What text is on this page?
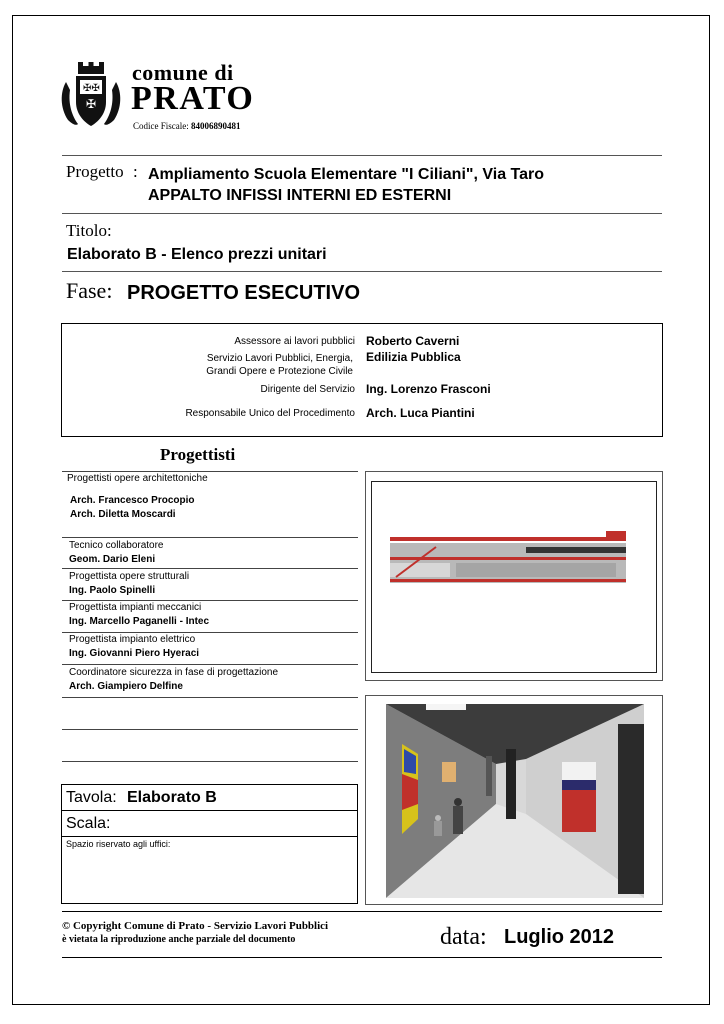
✠✠
✠
comune di
PRATO
Codice Fiscale: 84006890481
Progetto : Ampliamento Scuola Elementare "I Ciliani", Via Taro
APPALTO INFISSI INTERNI ED ESTERNI
Titolo:
Elaborato B - Elenco prezzi unitari
Fase: PROGETTO ESECUTIVO
Assessore ai lavori pubblici Roberto Caverni
Servizio Lavori Pubblici, Energia,
Grandi Opere e Protezione Civile
Edilizia Pubblica
Dirigente del Servizio Ing. Lorenzo Frasconi
Responsabile Unico del Procedimento Arch. Luca Piantini
Progettisti
Progettisti opere architettoniche
Arch. Francesco Procopio
Arch. Diletta Moscardi
Tecnico collaboratore
Geom. Dario Eleni
Progettista opere strutturali
Ing. Paolo Spinelli
Progettista impianti meccanici
Ing. Marcello Paganelli - Intec
Progettista impianto elettrico
Ing. Giovanni Piero Hyeraci
Coordinatore sicurezza in fase di progettazione
Arch. Giampiero Delfine
Tavola: Elaborato B
Scala:
Spazio riservato agli uffici:
© Copyright Comune di Prato - Servizio Lavori Pubblici
è vietata la riproduzione anche parziale del documento	data: Luglio 2012
